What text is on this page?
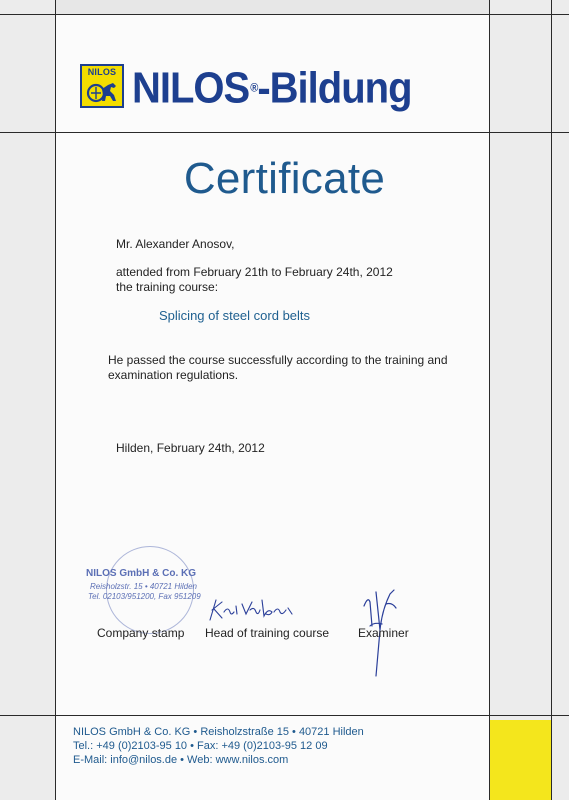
NILOS NILOS®-Bildung
Certificate
Mr. Alexander Anosov,
attended from February 21th to February 24th, 2012
the training course:
Splicing of steel cord belts
He passed the course successfully according to the training and
examination regulations.
Hilden, February 24th, 2012
NILOS GmbH & Co. KG
Reisholzstr. 15 • 40721 Hilden
Tel. 02103/951200, Fax 951209
Company stamp Head of training course Examiner
NILOS GmbH & Co. KG • Reisholzstraße 15 • 40721 Hilden
Tel.: +49 (0)2103-95 10 • Fax: +49 (0)2103-95 12 09
E-Mail: info@nilos.de • Web: www.nilos.com
